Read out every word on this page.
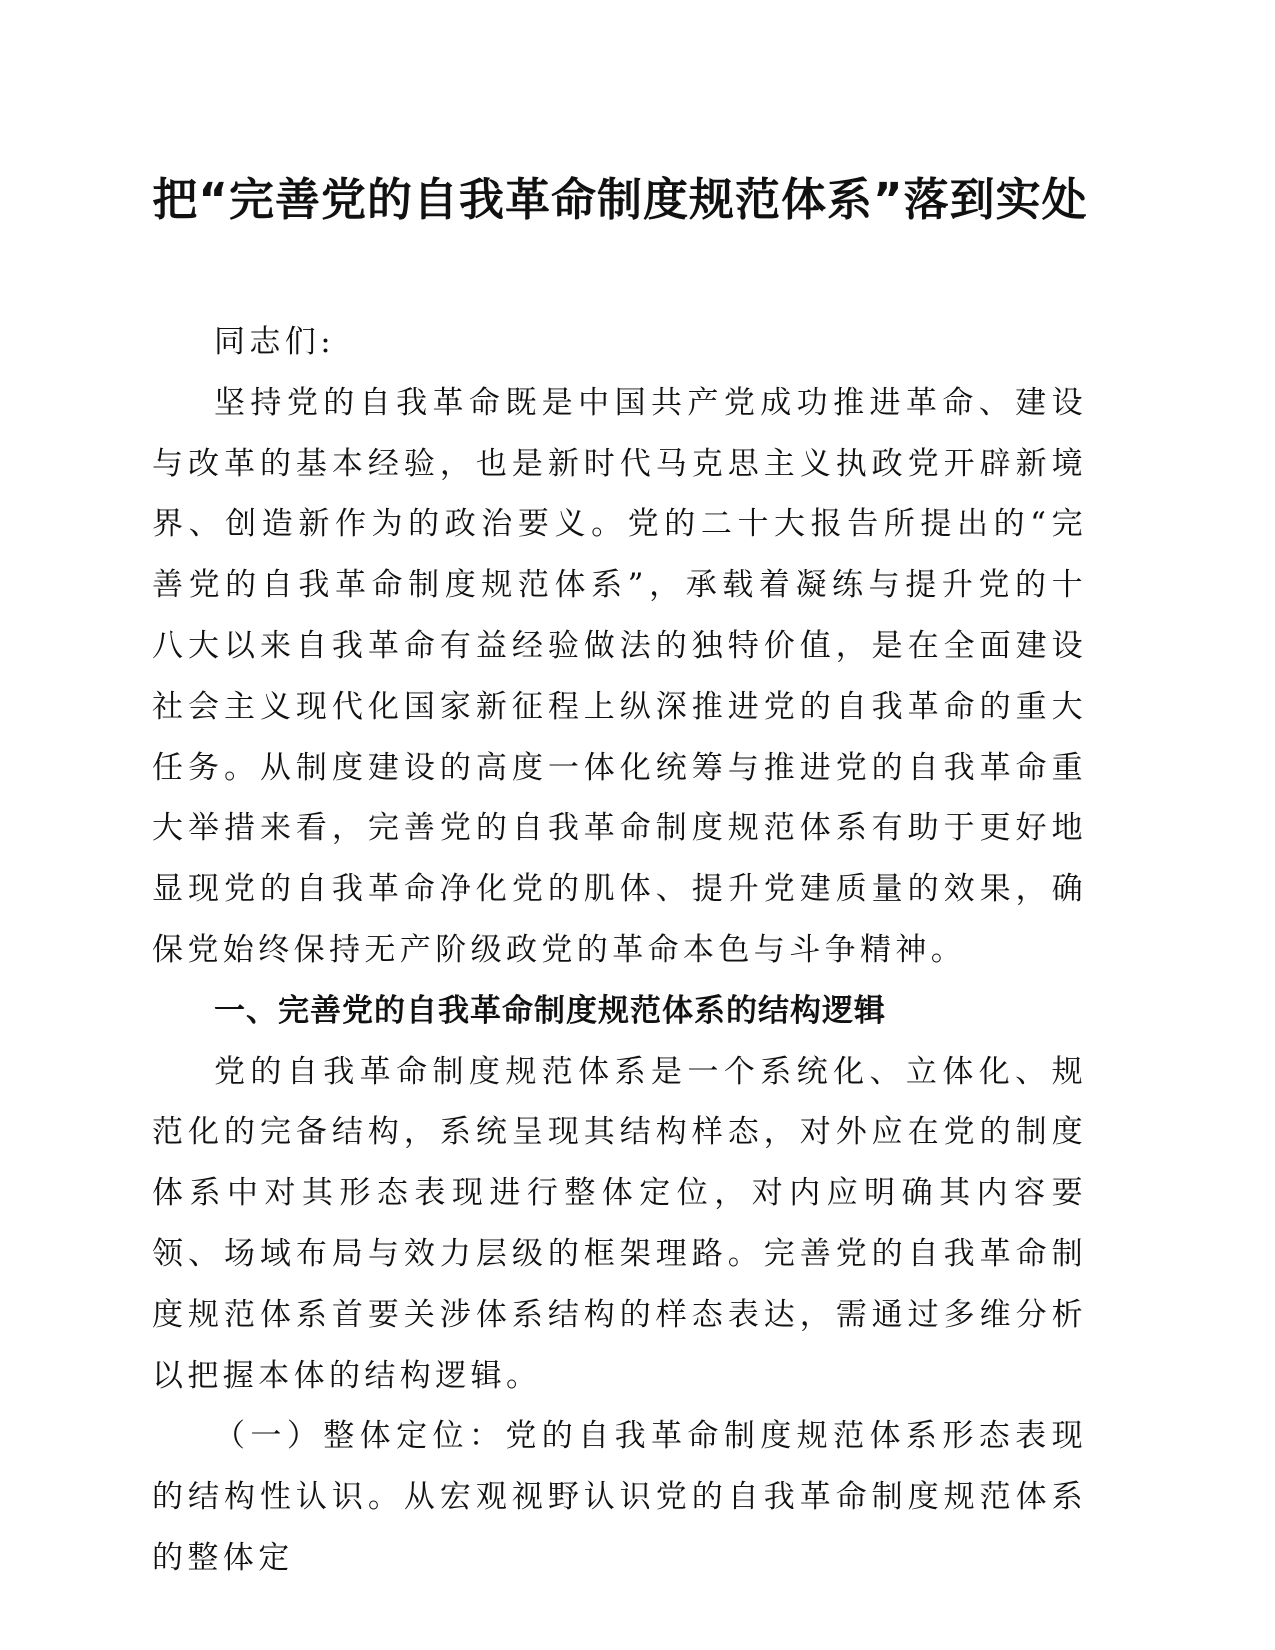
把“完善党的自我革命制度规范体系”落到实处

同志们:

坚持党的自我革命既是中国共产党成功推进革命、建设与改革的基本经验，也是新时代马克思主义执政党开辟新境界、创造新作为的政治要义。党的二十大报告所提出的“完善党的自我革命制度规范体系”，承载着凝练与提升党的十八大以来自我革命有益经验做法的独特价值，是在全面建设社会主义现代化国家新征程上纵深推进党的自我革命的重大任务。从制度建设的高度一体化统筹与推进党的自我革命重大举措来看，完善党的自我革命制度规范体系有助于更好地显现党的自我革命净化党的肌体、提升党建质量的效果，确保党始终保持无产阶级政党的革命本色与斗争精神。

一、完善党的自我革命制度规范体系的结构逻辑

党的自我革命制度规范体系是一个系统化、立体化、规范化的完备结构，系统呈现其结构样态，对外应在党的制度体系中对其形态表现进行整体定位，对内应明确其内容要领、场域布局与效力层级的框架理路。完善党的自我革命制度规范体系首要关涉体系结构的样态表达，需通过多维分析以把握本体的结构逻辑。

（一）整体定位：党的自我革命制度规范体系形态表现的结构性认识。从宏观视野认识党的自我革命制度规范体系的整体定
